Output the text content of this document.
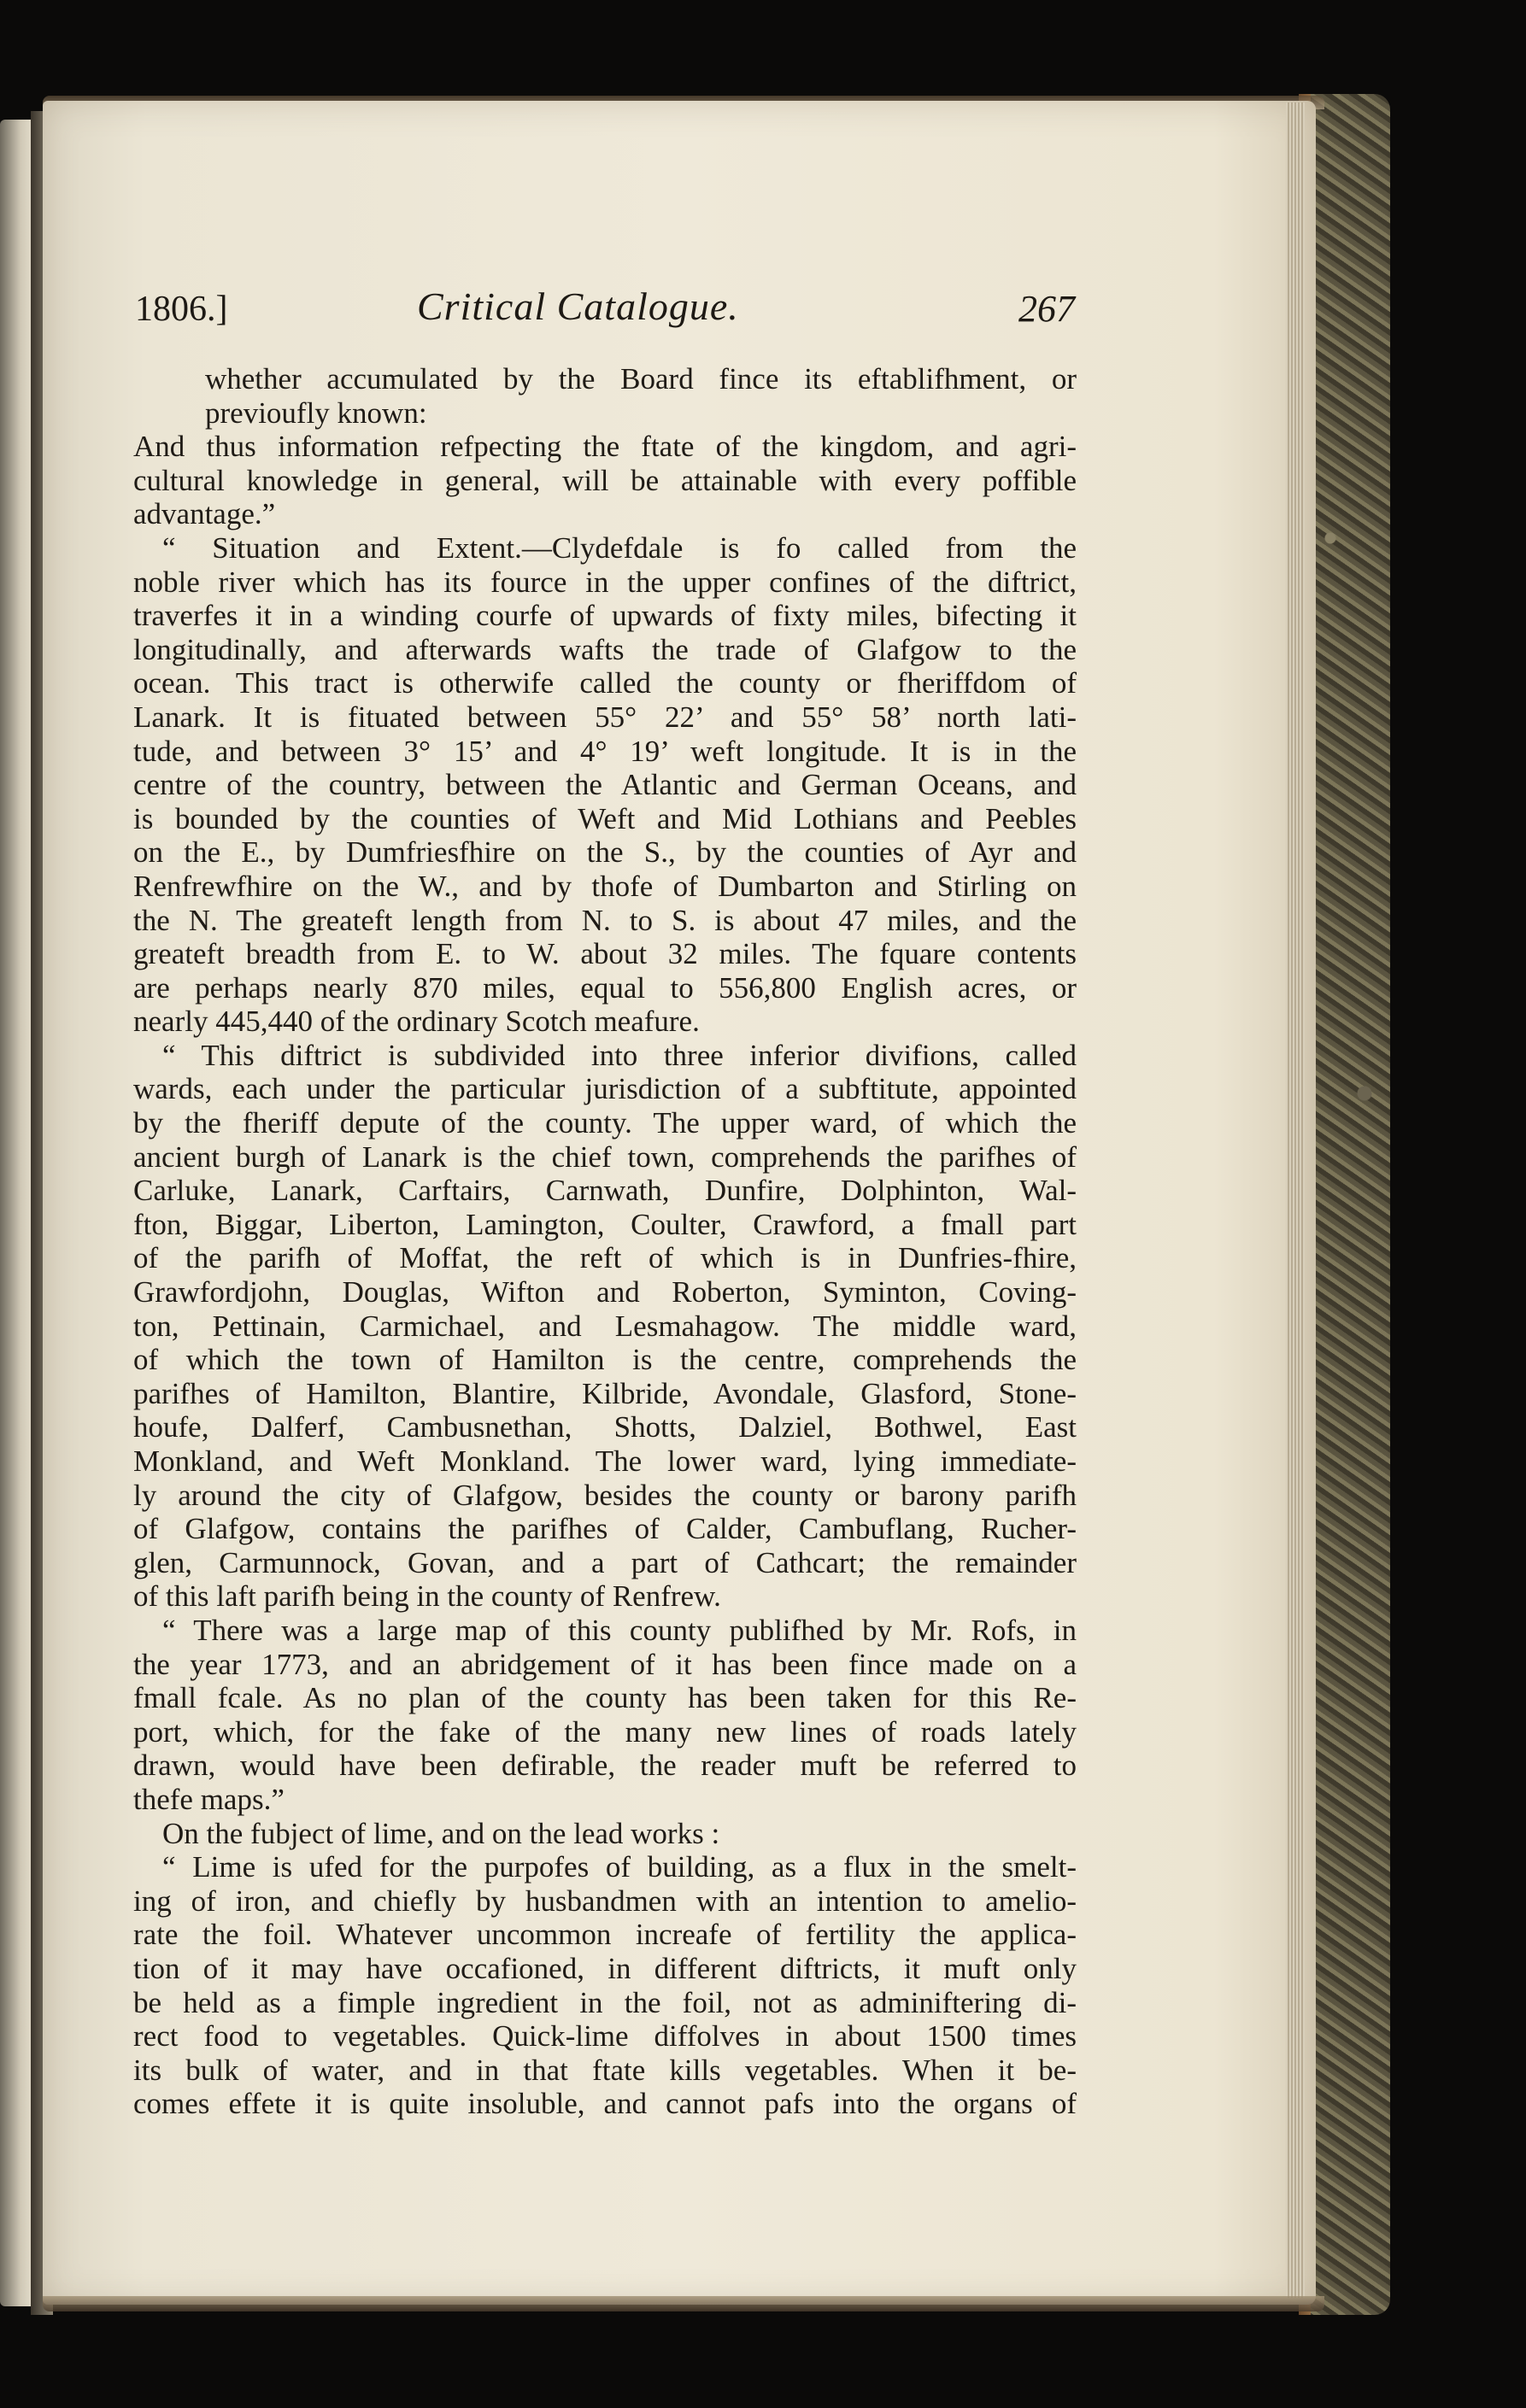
1806.]	Critical Catalogue.	267
whether accumulated by the Board fince its eftablifhment, or
previoufly known:
And thus information refpecting the ftate of the kingdom, and agri-
cultural knowledge in general, will be attainable with every poffible
advantage.”
“ Situation and Extent.—Clydefdale is fo called from the
noble river which has its fource in the upper confines of the diftrict,
traverfes it in a winding courfe of upwards of fixty miles, bifecting it
longitudinally, and afterwards wafts the trade of Glafgow to the
ocean. This tract is otherwife called the county or fheriffdom of
Lanark. It is fituated between 55° 22’ and 55° 58’ north lati-
tude, and between 3° 15’ and 4° 19’ weft longitude. It is in the
centre of the country, between the Atlantic and German Oceans, and
is bounded by the counties of Weft and Mid Lothians and Peebles
on the E., by Dumfriesfhire on the S., by the counties of Ayr and
Renfrewfhire on the W., and by thofe of Dumbarton and Stirling on
the N. The greateft length from N. to S. is about 47 miles, and the
greateft breadth from E. to W. about 32 miles. The fquare contents
are perhaps nearly 870 miles, equal to 556,800 English acres, or
nearly 445,440 of the ordinary Scotch meafure.
“ This diftrict is subdivided into three inferior divifions, called
wards, each under the particular jurisdiction of a subftitute, appointed
by the fheriff depute of the county. The upper ward, of which the
ancient burgh of Lanark is the chief town, comprehends the parifhes of
Carluke, Lanark, Carftairs, Carnwath, Dunfire, Dolphinton, Wal-
fton, Biggar, Liberton, Lamington, Coulter, Crawford, a fmall part
of the parifh of Moffat, the reft of which is in Dunfries-fhire,
Grawfordjohn, Douglas, Wifton and Roberton, Syminton, Coving-
ton, Pettinain, Carmichael, and Lesmahagow. The middle ward,
of which the town of Hamilton is the centre, comprehends the
parifhes of Hamilton, Blantire, Kilbride, Avondale, Glasford, Stone-
houfe, Dalferf, Cambusnethan, Shotts, Dalziel, Bothwel, East
Monkland, and Weft Monkland. The lower ward, lying immediate-
ly around the city of Glafgow, besides the county or barony parifh
of Glafgow, contains the parifhes of Calder, Cambuflang, Rucher-
glen, Carmunnock, Govan, and a part of Cathcart; the remainder
of this laft parifh being in the county of Renfrew.
“ There was a large map of this county publifhed by Mr. Rofs, in
the year 1773, and an abridgement of it has been fince made on a
fmall fcale. As no plan of the county has been taken for this Re-
port, which, for the fake of the many new lines of roads lately
drawn, would have been defirable, the reader muft be referred to
thefe maps.”
On the fubject of lime, and on the lead works :
“ Lime is ufed for the purpofes of building, as a flux in the smelt-
ing of iron, and chiefly by husbandmen with an intention to amelio-
rate the foil. Whatever uncommon increafe of fertility the applica-
tion of it may have occafioned, in different diftricts, it muft only
be held as a fimple ingredient in the foil, not as adminiftering di-
rect food to vegetables. Quick-lime diffolves in about 1500 times
its bulk of water, and in that ftate kills vegetables. When it be-
comes effete it is quite insoluble, and cannot pafs into the organs of
